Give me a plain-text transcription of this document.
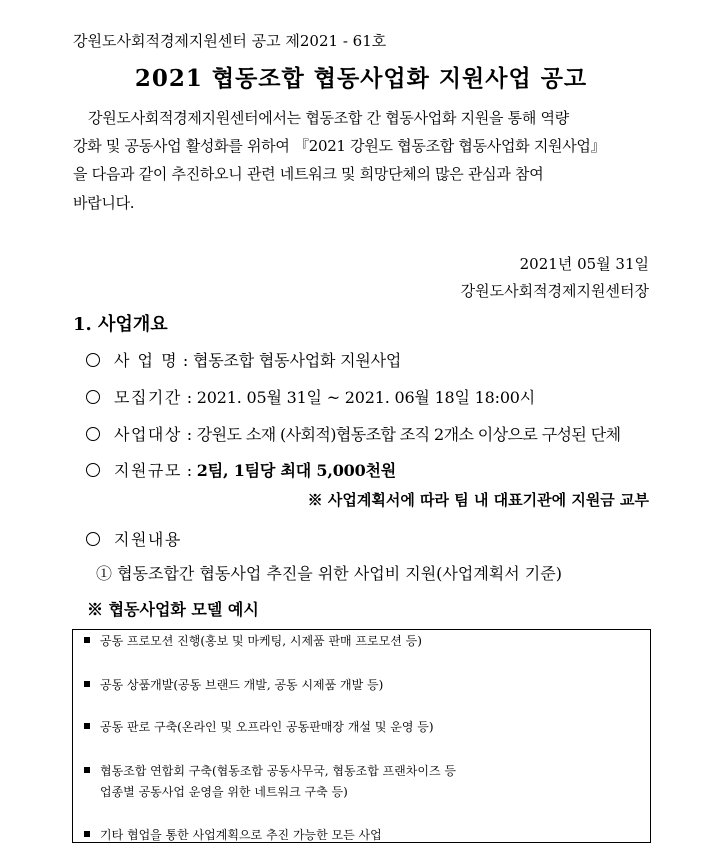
강원도사회적경제지원센터 공고 제2021 - 61호
2021 협동조합 협동사업화 지원사업 공고
강원도사회적경제지원센터에서는 협동조합 간 협동사업화 지원을 통해 역량
강화 및 공동사업 활성화를 위하여 『2021 강원도 협동조합 협동사업화 지원사업』
을 다음과 같이 추진하오니 관련 네트워크 및 희망단체의 많은 관심과 참여
바랍니다.
2021년 05월 31일
강원도사회적경제지원센터장
1. 사업개요
사 업 명 : 협동조합 협동사업화 지원사업
모집기간 : 2021. 05월 31일 ~ 2021. 06월 18일 18:00시
사업대상 : 강원도 소재 (사회적)협동조합 조직 2개소 이상으로 구성된 단체
지원규모 : 2팀, 1팀당 최대 5,000천원
※ 사업계획서에 따라 팀 내 대표기관에 지원금 교부
지원내용
① 협동조합간 협동사업 추진을 위한 사업비 지원(사업계획서 기준)
※ 협동사업화 모델 예시
공동 프로모션 진행(홍보 및 마케팅, 시제품 판매 프로모션 등)
공동 상품개발(공동 브랜드 개발, 공동 시제품 개발 등)
공동 판로 구축(온라인 및 오프라인 공동판매장 개설 및 운영 등)
협동조합 연합회 구축(협동조합 공동사무국, 협동조합 프랜차이즈 등
업종별 공동사업 운영을 위한 네트워크 구축 등)
기타 협업을 통한 사업계획으로 추진 가능한 모든 사업
